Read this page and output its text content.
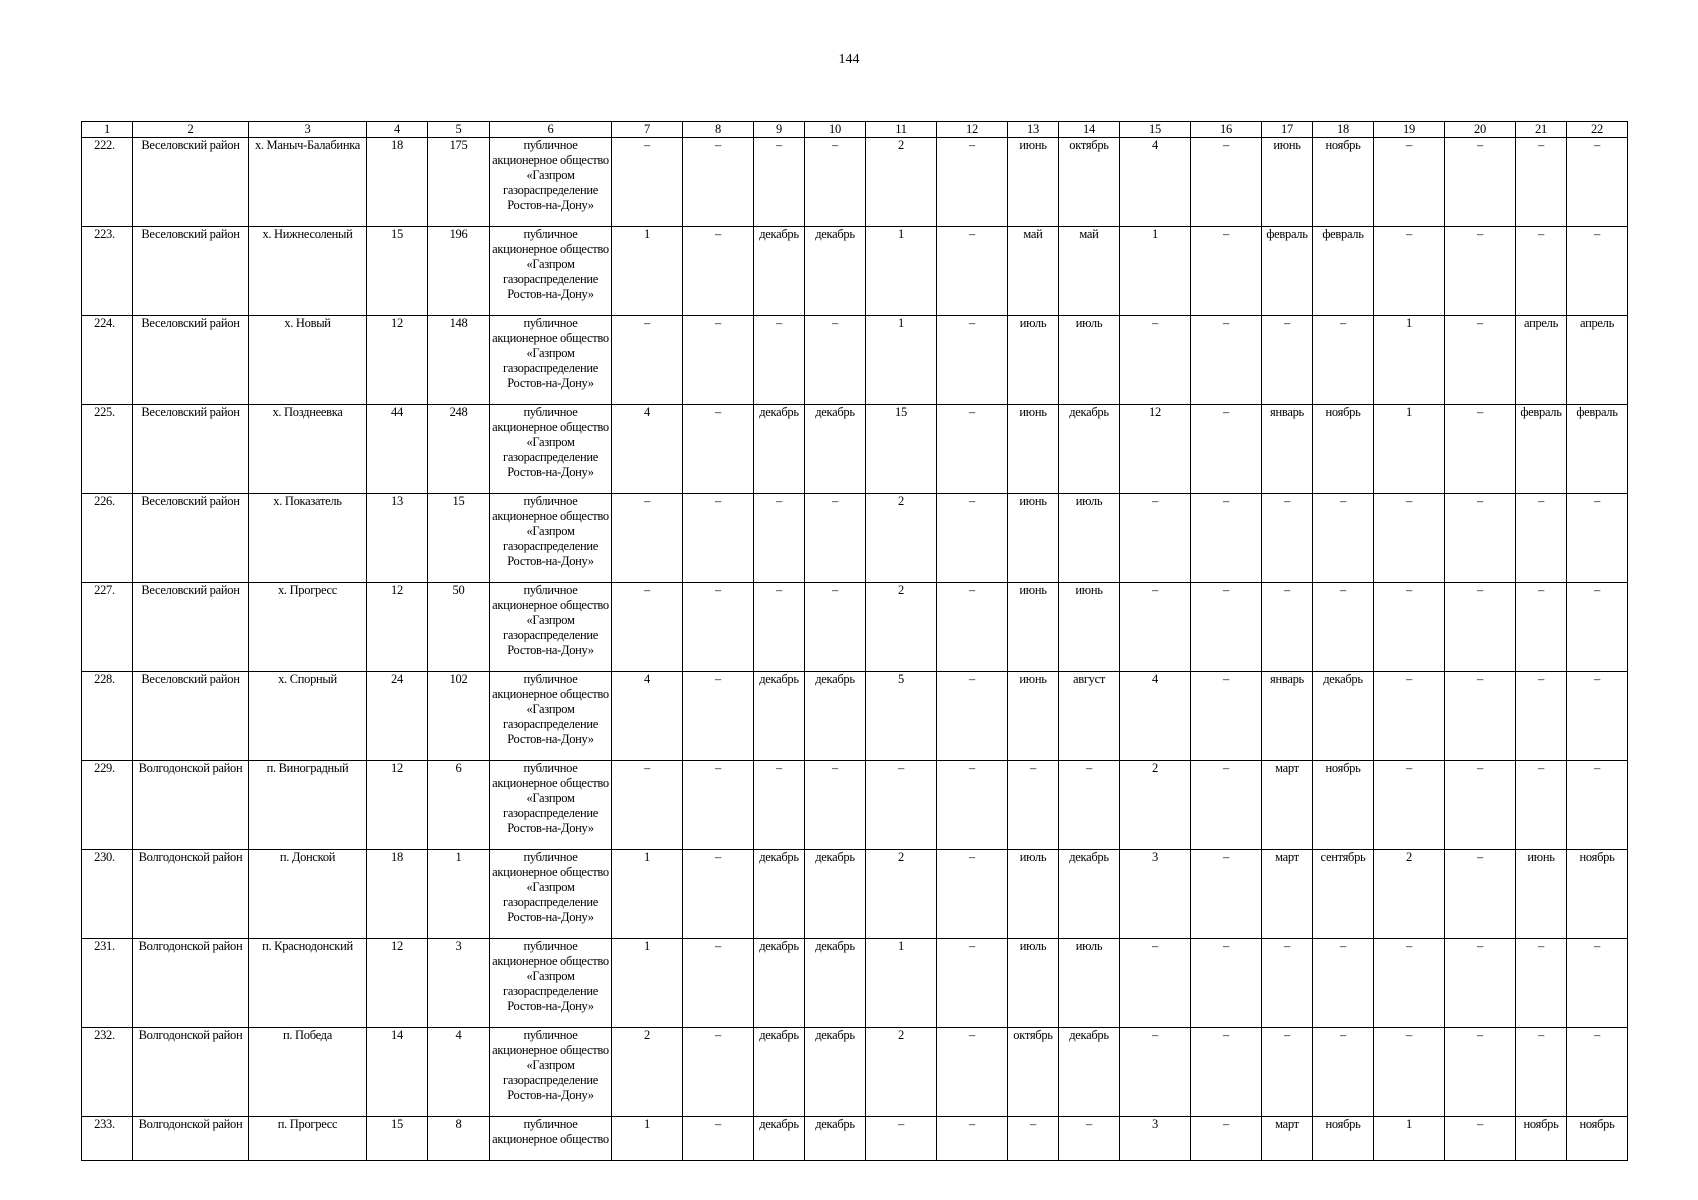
144
1	2	3	4	5	6	7	8	9	10	11	12	13	14	15	16	17	18	19	20	21	22
222.	Веселовский район	х. Маныч-Балабинка	18	175	публичное акционерное общество «Газпром газораспределение Ростов-на-Дону»	–	–	–	–	2	–	июнь	октябрь	4	–	июнь	ноябрь	–	–	–	–
223.	Веселовский район	х. Нижнесоленый	15	196	публичное акционерное общество «Газпром газораспределение Ростов-на-Дону»	1	–	декабрь	декабрь	1	–	май	май	1	–	февраль	февраль	–	–	–	–
224.	Веселовский район	х. Новый	12	148	публичное акционерное общество «Газпром газораспределение Ростов-на-Дону»	–	–	–	–	1	–	июль	июль	–	–	–	–	1	–	апрель	апрель
225.	Веселовский район	х. Позднеевка	44	248	публичное акционерное общество «Газпром газораспределение Ростов-на-Дону»	4	–	декабрь	декабрь	15	–	июнь	декабрь	12	–	январь	ноябрь	1	–	февраль	февраль
226.	Веселовский район	х. Показатель	13	15	публичное акционерное общество «Газпром газораспределение Ростов-на-Дону»	–	–	–	–	2	–	июнь	июль	–	–	–	–	–	–	–	–
227.	Веселовский район	х. Прогресс	12	50	публичное акционерное общество «Газпром газораспределение Ростов-на-Дону»	–	–	–	–	2	–	июнь	июнь	–	–	–	–	–	–	–	–
228.	Веселовский район	х. Спорный	24	102	публичное акционерное общество «Газпром газораспределение Ростов-на-Дону»	4	–	декабрь	декабрь	5	–	июнь	август	4	–	январь	декабрь	–	–	–	–
229.	Волгодонской район	п. Виноградный	12	6	публичное акционерное общество «Газпром газораспределение Ростов-на-Дону»	–	–	–	–	–	–	–	–	2	–	март	ноябрь	–	–	–	–
230.	Волгодонской район	п. Донской	18	1	публичное акционерное общество «Газпром газораспределение Ростов-на-Дону»	1	–	декабрь	декабрь	2	–	июль	декабрь	3	–	март	сентябрь	2	–	июнь	ноябрь
231.	Волгодонской район	п. Краснодонский	12	3	публичное акционерное общество «Газпром газораспределение Ростов-на-Дону»	1	–	декабрь	декабрь	1	–	июль	июль	–	–	–	–	–	–	–	–
232.	Волгодонской район	п. Победа	14	4	публичное акционерное общество «Газпром газораспределение Ростов-на-Дону»	2	–	декабрь	декабрь	2	–	октябрь	декабрь	–	–	–	–	–	–	–	–
233.	Волгодонской район	п. Прогресс	15	8	публичное акционерное общество	1	–	декабрь	декабрь	–	–	–	–	3	–	март	ноябрь	1	–	ноябрь	ноябрь
